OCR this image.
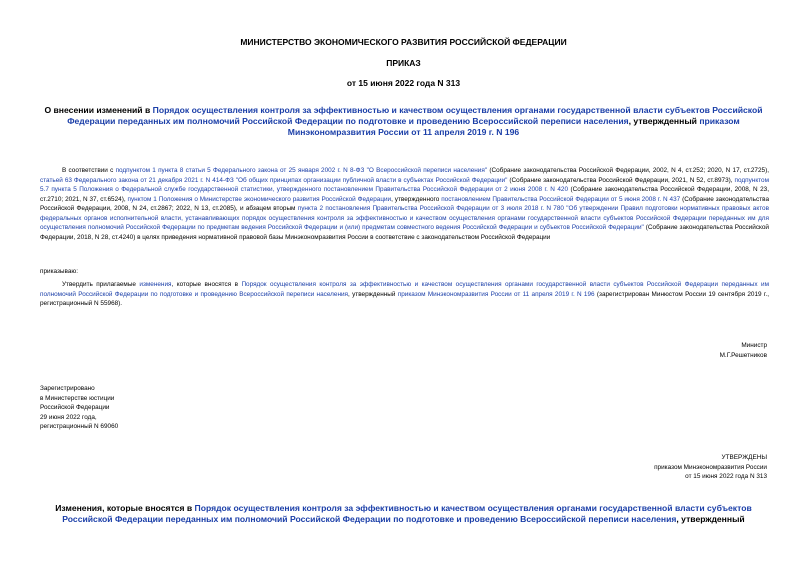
МИНИСТЕРСТВО ЭКОНОМИЧЕСКОГО РАЗВИТИЯ РОССИЙСКОЙ ФЕДЕРАЦИИ
ПРИКАЗ
от 15 июня 2022 года N 313
О внесении изменений в Порядок осуществления контроля за эффективностью и качеством осуществления органами государственной власти субъектов Российской Федерации переданных им полномочий Российской Федерации по подготовке и проведению Всероссийской переписи населения, утвержденный приказом Минэкономразвития России от 11 апреля 2019 г. N 196
В соответствии с подпунктом 1 пункта 8 статьи 5 Федерального закона от 25 января 2002 г. N 8-ФЗ "О Всероссийской переписи населения" (Собрание законодательства Российской Федерации, 2002, N 4, ст.252; 2020, N 17, ст.2725), статьей 63 Федерального закона от 21 декабря 2021 г. N 414-ФЗ "Об общих принципах организации публичной власти в субъектах Российской Федерации" (Собрание законодательства Российской Федерации, 2021, N 52, ст.8973), подпунктом 5.7 пункта 5 Положения о Федеральной службе государственной статистики, утвержденного постановлением Правительства Российской Федерации от 2 июня 2008 г. N 420 (Собрание законодательства Российской Федерации, 2008, N 23, ст.2710; 2021, N 37, ст.6524), пунктом 1 Положения о Министерстве экономического развития Российской Федерации, утвержденного постановлением Правительства Российской Федерации от 5 июня 2008 г. N 437 (Собрание законодательства Российской Федерации, 2008, N 24, ст.2867; 2022, N 13, ст.2085), и абзацем вторым пункта 2 постановления Правительства Российской Федерации от 3 июля 2018 г. N 780 "Об утверждении Правил подготовки нормативных правовых актов федеральных органов исполнительной власти, устанавливающих порядок осуществления контроля за эффективностью и качеством осуществления органами государственной власти субъектов Российской Федерации переданных им для осуществления полномочий Российской Федерации по предметам ведения Российской Федерации и (или) предметам совместного ведения Российской Федерации и субъектов Российской Федерации" (Собрание законодательства Российской Федерации, 2018, N 28, ст.4240) в целях приведения нормативной правовой базы Минэкономразвития России в соответствие с законодательством Российской Федерации
приказываю:
Утвердить прилагаемые изменения, которые вносятся в Порядок осуществления контроля за эффективностью и качеством осуществления органами государственной власти субъектов Российской Федерации переданных им полномочий Российской Федерации по подготовке и проведению Всероссийской переписи населения, утвержденный приказом Минэкономразвития России от 11 апреля 2019 г. N 196 (зарегистрирован Минюстом России 19 сентября 2019 г., регистрационный N 55968).
Министр
М.Г.Решетников
Зарегистрировано
в Министерстве юстиции
Российской Федерации
29 июня 2022 года,
регистрационный N 69060
УТВЕРЖДЕНЫ
приказом Минэкономразвития России
от 15 июня 2022 года N 313
Изменения, которые вносятся в Порядок осуществления контроля за эффективностью и качеством осуществления органами государственной власти субъектов Российской Федерации переданных им полномочий Российской Федерации по подготовке и проведению Всероссийской переписи населения, утвержденный
